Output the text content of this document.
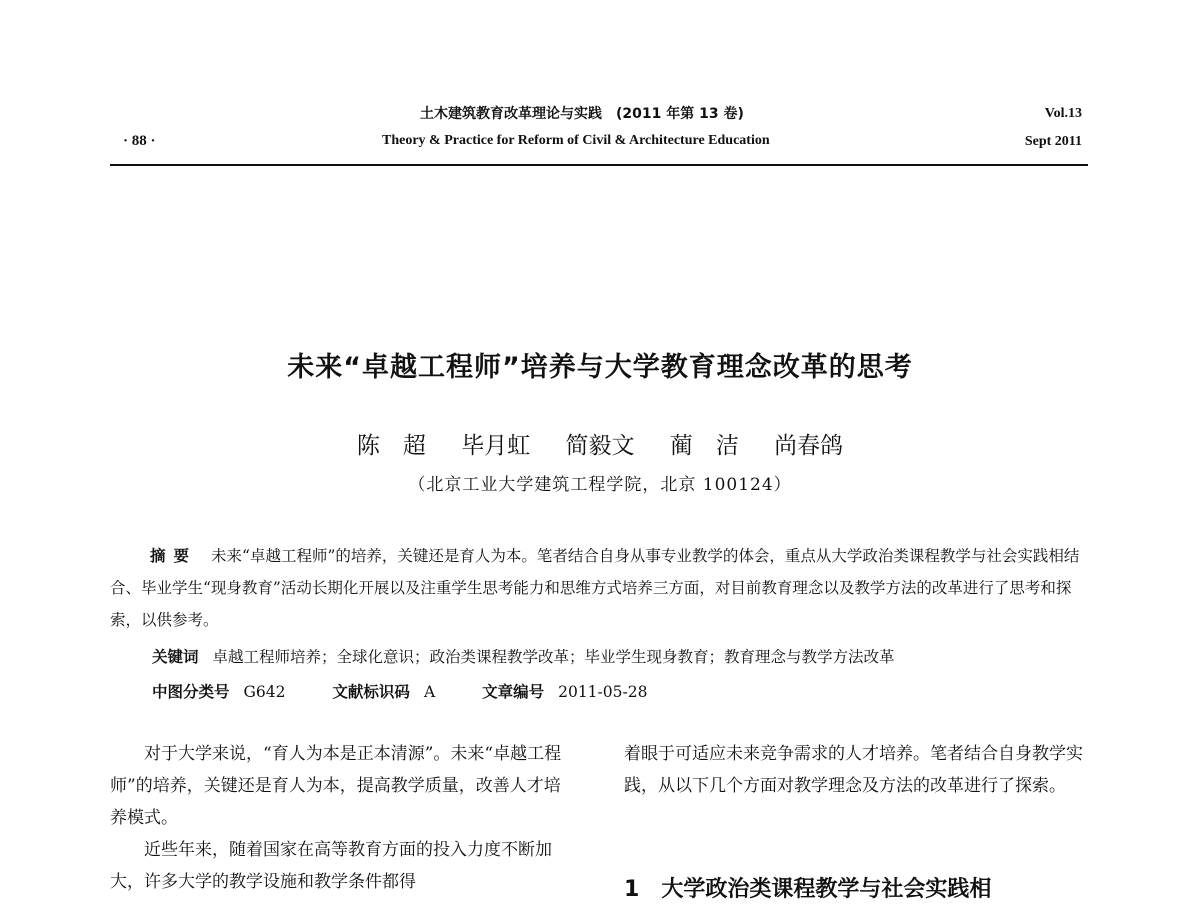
土木建筑教育改革理论与实践　(2011 年第 13 卷)
Theory & Practice for Reform of Civil & Architecture Education
· 88 ·
Vol.13
Sept 2011
未来“卓越工程师”培养与大学教育理念改革的思考
陈　超 毕月虹 简毅文 蔺　洁 尚春鸽
（北京工业大学建筑工程学院，北京 100124）
摘要 未来“卓越工程师”的培养，关键还是育人为本。笔者结合自身从事专业教学的体会，重点从大学政治类课程教学与社会实践相结合、毕业学生“现身教育”活动长期化开展以及注重学生思考能力和思维方式培养三方面，对目前教育理念以及教学方法的改革进行了思考和探索，以供参考。
关键词 卓越工程师培养；全球化意识；政治类课程教学改革；毕业学生现身教育；教育理念与教学方法改革
中图分类号 G642	文献标识码 A	文章编号 2011-05-28

对于大学来说，“育人为本是正本清源”。未来“卓越工程师”的培养，关键还是育人为本，提高教学质量，改善人才培养模式。

近些年来，随着国家在高等教育方面的投入力度不断加大，许多大学的教学设施和教学条件都得

着眼于可适应未来竞争需求的人才培养。笔者结合自身教学实践，从以下几个方面对教学理念及方法的改革进行了探索。

1 大学政治类课程教学与社会实践相
